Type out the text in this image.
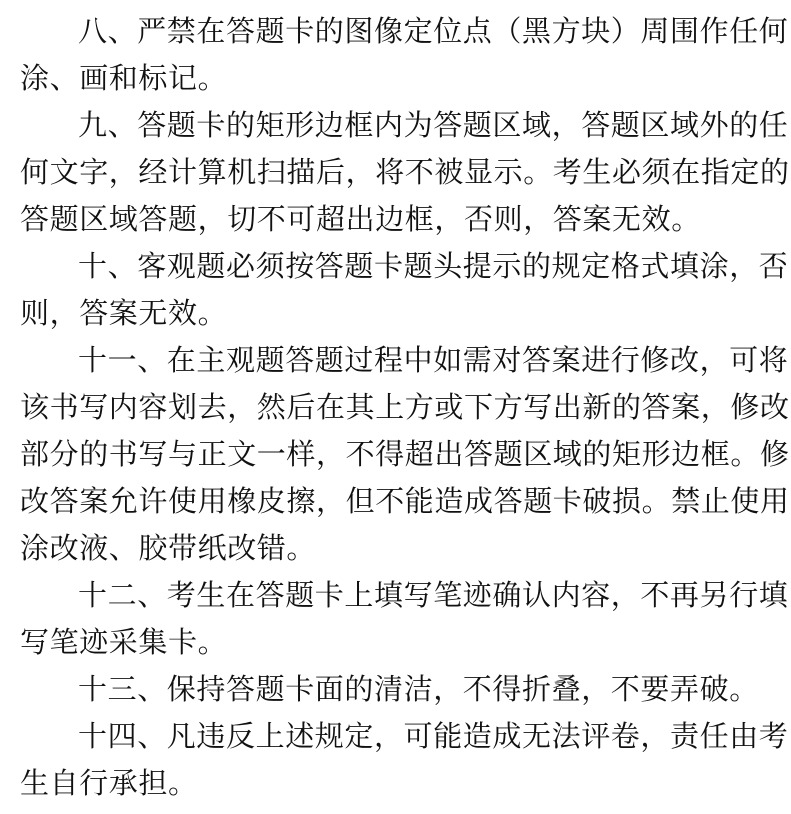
八、严禁在答题卡的图像定位点（黑方块）周围作任何
涂、画和标记。
九、答题卡的矩形边框内为答题区域，答题区域外的任
何文字，经计算机扫描后，将不被显示。考生必须在指定的
答题区域答题，切不可超出边框，否则，答案无效。
十、客观题必须按答题卡题头提示的规定格式填涂，否
则，答案无效。
十一、在主观题答题过程中如需对答案进行修改，可将
该书写内容划去，然后在其上方或下方写出新的答案，修改
部分的书写与正文一样，不得超出答题区域的矩形边框。修
改答案允许使用橡皮擦，但不能造成答题卡破损。禁止使用
涂改液、胶带纸改错。
十二、考生在答题卡上填写笔迹确认内容，不再另行填
写笔迹采集卡。
十三、保持答题卡面的清洁，不得折叠，不要弄破。
十四、凡违反上述规定，可能造成无法评卷，责任由考
生自行承担。
